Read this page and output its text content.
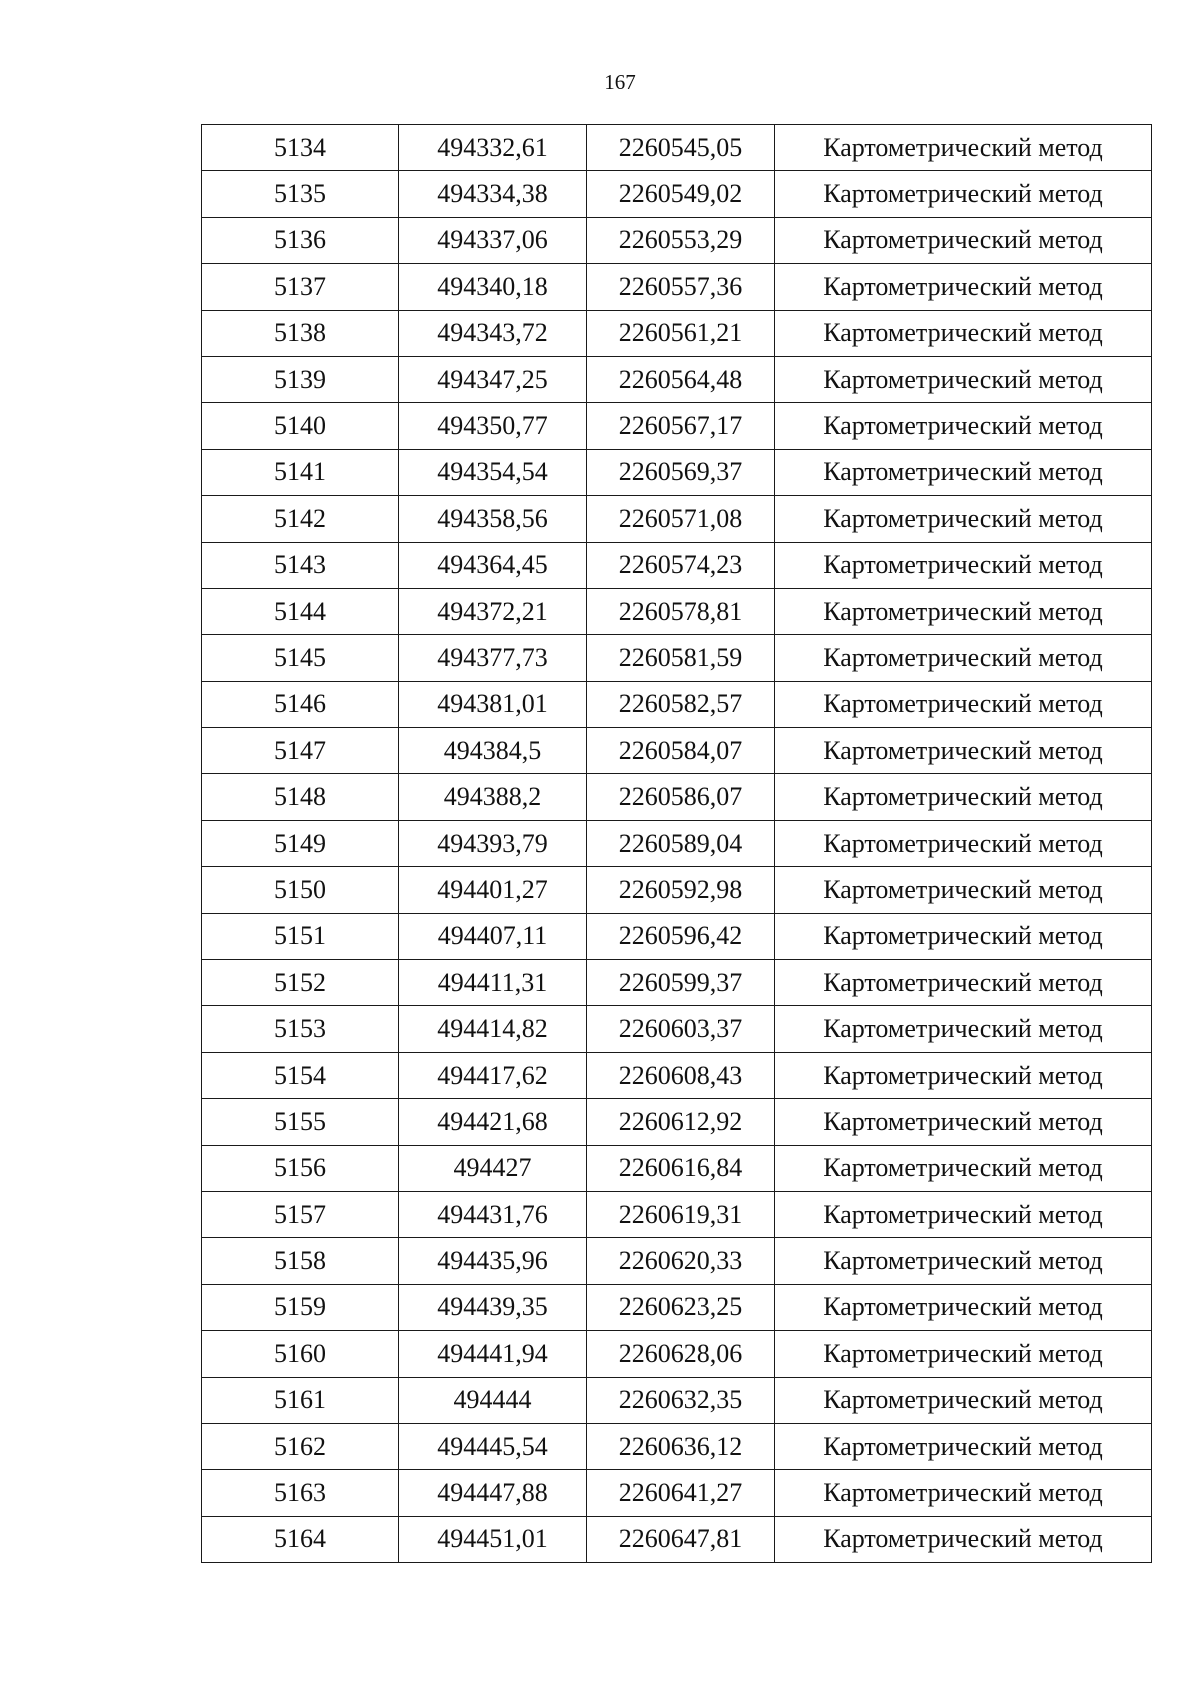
167
5134	494332,61	2260545,05	Картометрический метод
5135	494334,38	2260549,02	Картометрический метод
5136	494337,06	2260553,29	Картометрический метод
5137	494340,18	2260557,36	Картометрический метод
5138	494343,72	2260561,21	Картометрический метод
5139	494347,25	2260564,48	Картометрический метод
5140	494350,77	2260567,17	Картометрический метод
5141	494354,54	2260569,37	Картометрический метод
5142	494358,56	2260571,08	Картометрический метод
5143	494364,45	2260574,23	Картометрический метод
5144	494372,21	2260578,81	Картометрический метод
5145	494377,73	2260581,59	Картометрический метод
5146	494381,01	2260582,57	Картометрический метод
5147	494384,5	2260584,07	Картометрический метод
5148	494388,2	2260586,07	Картометрический метод
5149	494393,79	2260589,04	Картометрический метод
5150	494401,27	2260592,98	Картометрический метод
5151	494407,11	2260596,42	Картометрический метод
5152	494411,31	2260599,37	Картометрический метод
5153	494414,82	2260603,37	Картометрический метод
5154	494417,62	2260608,43	Картометрический метод
5155	494421,68	2260612,92	Картометрический метод
5156	494427	2260616,84	Картометрический метод
5157	494431,76	2260619,31	Картометрический метод
5158	494435,96	2260620,33	Картометрический метод
5159	494439,35	2260623,25	Картометрический метод
5160	494441,94	2260628,06	Картометрический метод
5161	494444	2260632,35	Картометрический метод
5162	494445,54	2260636,12	Картометрический метод
5163	494447,88	2260641,27	Картометрический метод
5164	494451,01	2260647,81	Картометрический метод
